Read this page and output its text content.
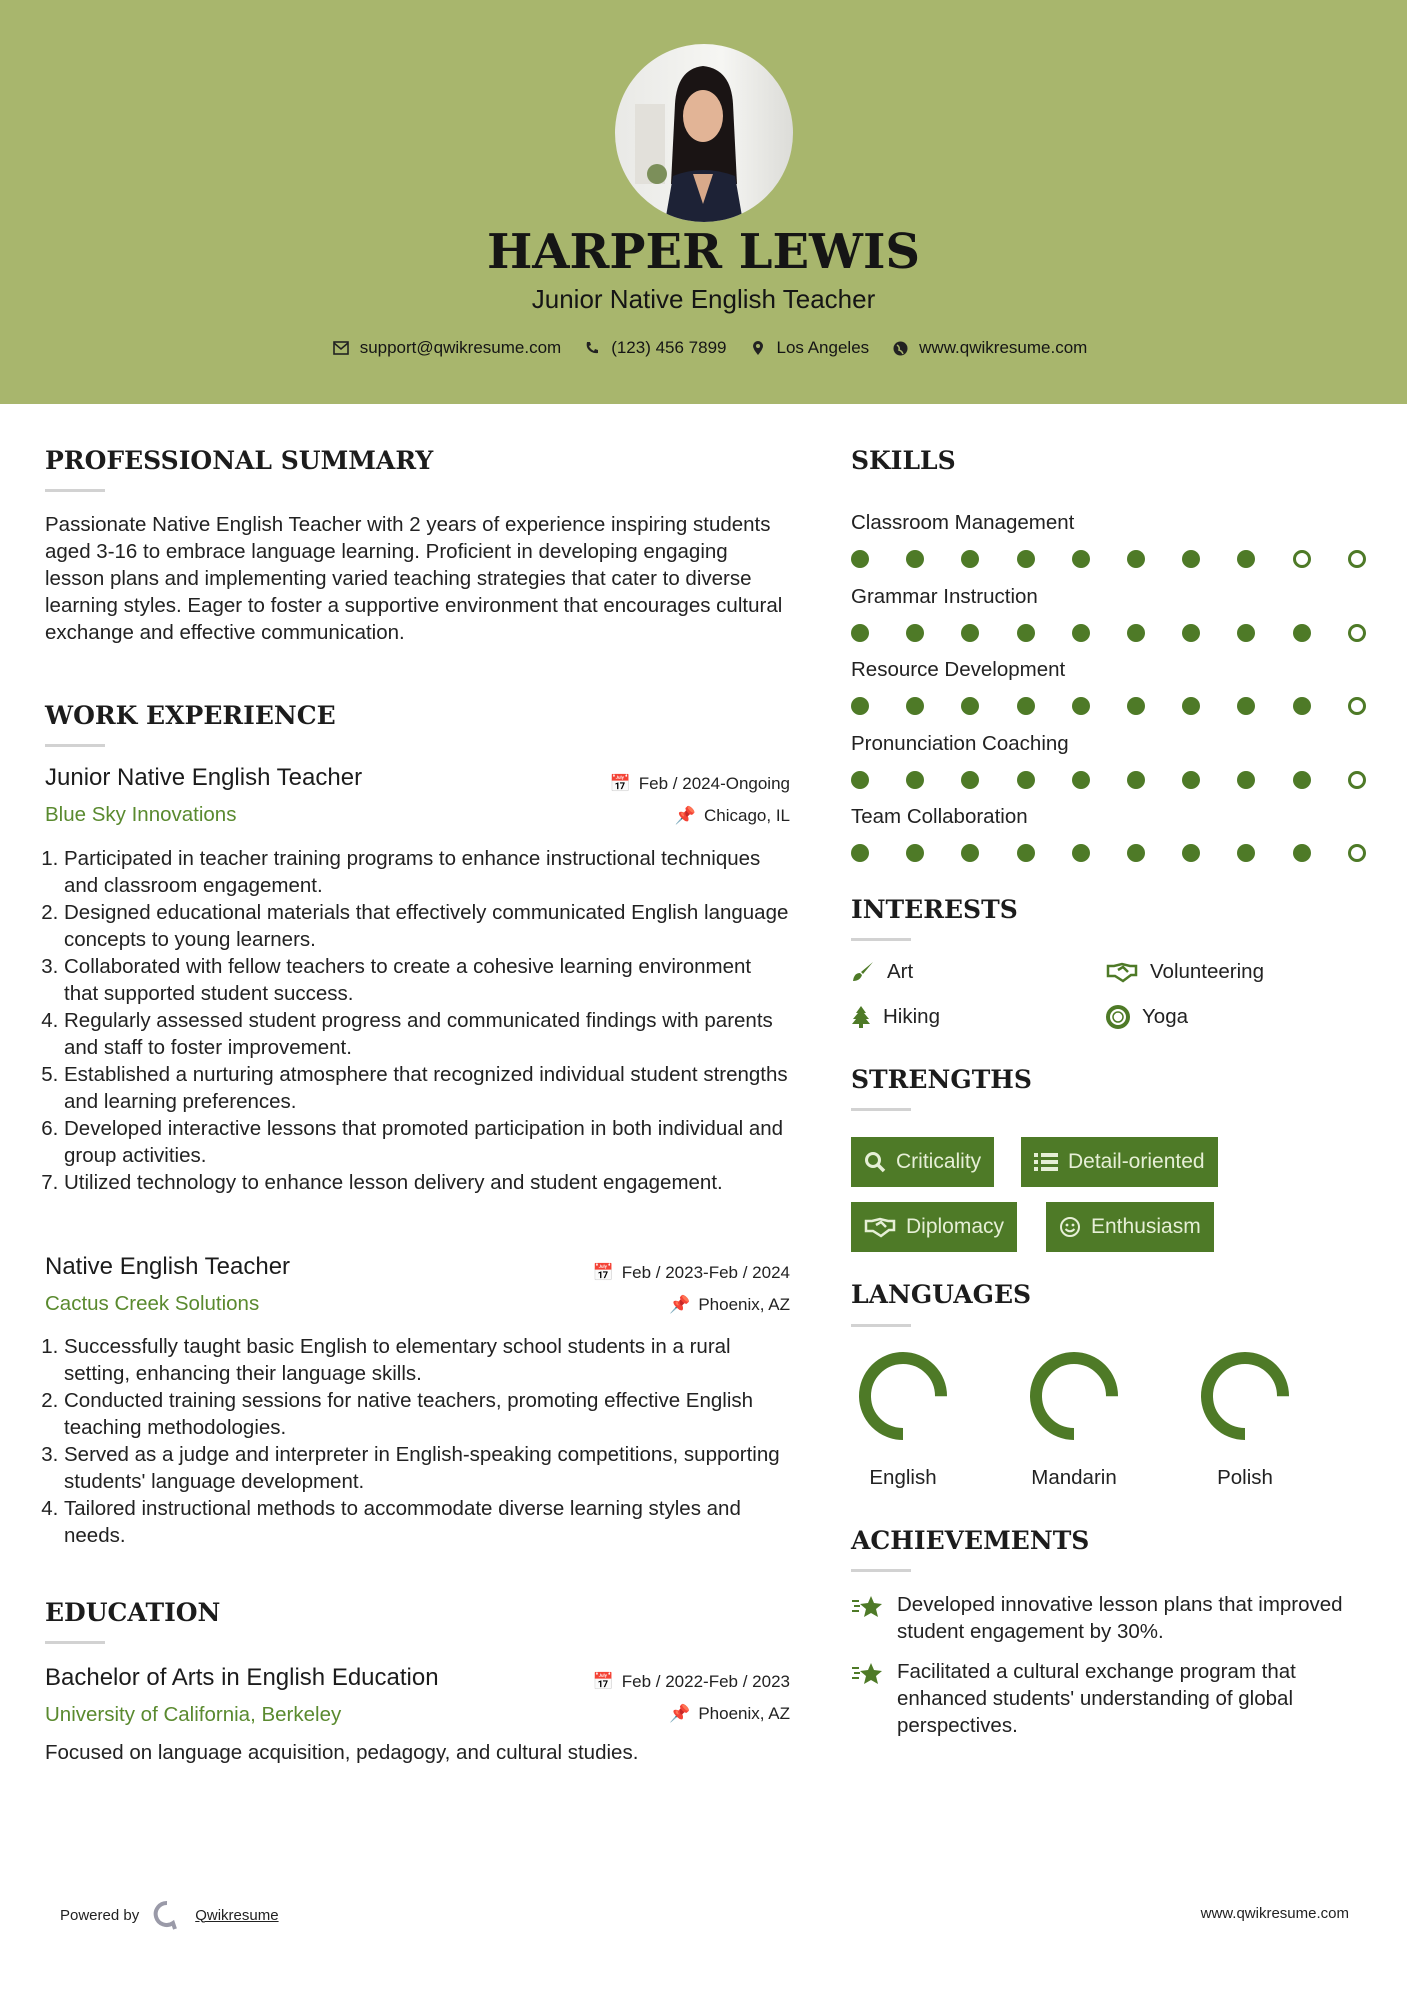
HARPER LEWIS
Junior Native English Teacher
support@qwikresume.com	(123) 456 7899	Los Angeles	www.qwikresume.com
PROFESSIONAL SUMMARY
Passionate Native English Teacher with 2 years of experience inspiring students aged 3-16 to embrace language learning. Proficient in developing engaging lesson plans and implementing varied teaching strategies that cater to diverse learning styles. Eager to foster a supportive environment that encourages cultural exchange and effective communication.
WORK EXPERIENCE
Junior Native English Teacher	📅 Feb / 2024-Ongoing
Blue Sky Innovations	📌 Chicago, IL
1. Participated in teacher training programs to enhance instructional techniques and classroom engagement.
2. Designed educational materials that effectively communicated English language concepts to young learners.
3. Collaborated with fellow teachers to create a cohesive learning environment that supported student success.
4. Regularly assessed student progress and communicated findings with parents and staff to foster improvement.
5. Established a nurturing atmosphere that recognized individual student strengths and learning preferences.
6. Developed interactive lessons that promoted participation in both individual and group activities.
7. Utilized technology to enhance lesson delivery and student engagement.
Native English Teacher	📅 Feb / 2023-Feb / 2024
Cactus Creek Solutions	📌 Phoenix, AZ
1. Successfully taught basic English to elementary school students in a rural setting, enhancing their language skills.
2. Conducted training sessions for native teachers, promoting effective English teaching methodologies.
3. Served as a judge and interpreter in English-speaking competitions, supporting students' language development.
4. Tailored instructional methods to accommodate diverse learning styles and needs.
EDUCATION
Bachelor of Arts in English Education	📅 Feb / 2022-Feb / 2023
University of California, Berkeley	📌 Phoenix, AZ
Focused on language acquisition, pedagogy, and cultural studies.
SKILLS
Classroom Management
Grammar Instruction
Resource Development
Pronunciation Coaching
Team Collaboration
INTERESTS
Art	Volunteering
Hiking	Yoga
STRENGTHS
Criticality	Detail-oriented
Diplomacy	Enthusiasm
LANGUAGES
English	Mandarin	Polish
ACHIEVEMENTS
Developed innovative lesson plans that improved student engagement by 30%.
Facilitated a cultural exchange program that enhanced students' understanding of global perspectives.
Powered by	Qwikresume	www.qwikresume.com
